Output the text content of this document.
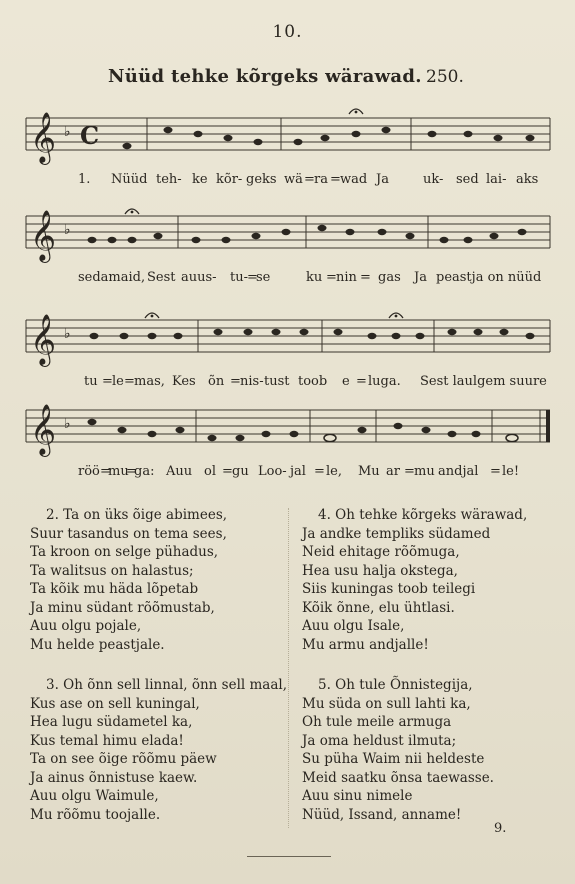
10.
Nüüd tehke kõrgeks wärawad. 250.
𝄞 ♭ C
1. Nüüd teh- ke kõr- geks wä = ra = wad Ja	uk- sed lai- aks
𝄞 ♭
sedamaid, Sest auus- tu- =
se	ku = nin = gas Ja peastja on nüüd
𝄞 ♭
tu = le = mas, Kes õn = nis- tust toob e = luga. Sest laulgem suure
𝄞 ♭
röö =
mu
=
ga: Auu ol = gu Loo- jal = le, Mu ar = mu andjal = le!
2. Ta on üks õige abimees,
Suur tasandus on tema sees,
Ta kroon on selge pühadus,
Ta walitsus on halastus;
Ta kõik mu häda lõpetab
Ja minu südant rõõmustab,
Auu olgu pojale,
Mu helde peastjale.
4. Oh tehke kõrgeks wärawad,
Ja andke templiks südamed
Neid ehitage rõõmuga,
Hea usu halja okstega,
Siis kuningas toob teilegi
Kõik õnne, elu ühtlasi.
Auu olgu Isale,
Mu armu andjalle!
3. Oh õnn sell linnal, õnn sell maal,
Kus ase on sell kuningal,
Hea lugu südametel ka,
Kus temal himu elada!
Ta on see õige rõõmu päew
Ja ainus õnnistuse kaew.
Auu olgu Waimule,
Mu rõõmu toojalle.
5. Oh tule Õnnistegija,
Mu süda on sull lahti ka,
Oh tule meile armuga
Ja oma heldust ilmuta;
Su püha Waim nii heldeste
Meid saatku õnsa taewasse.
Auu sinu nimele
Nüüd, Issand, anname!
9.
